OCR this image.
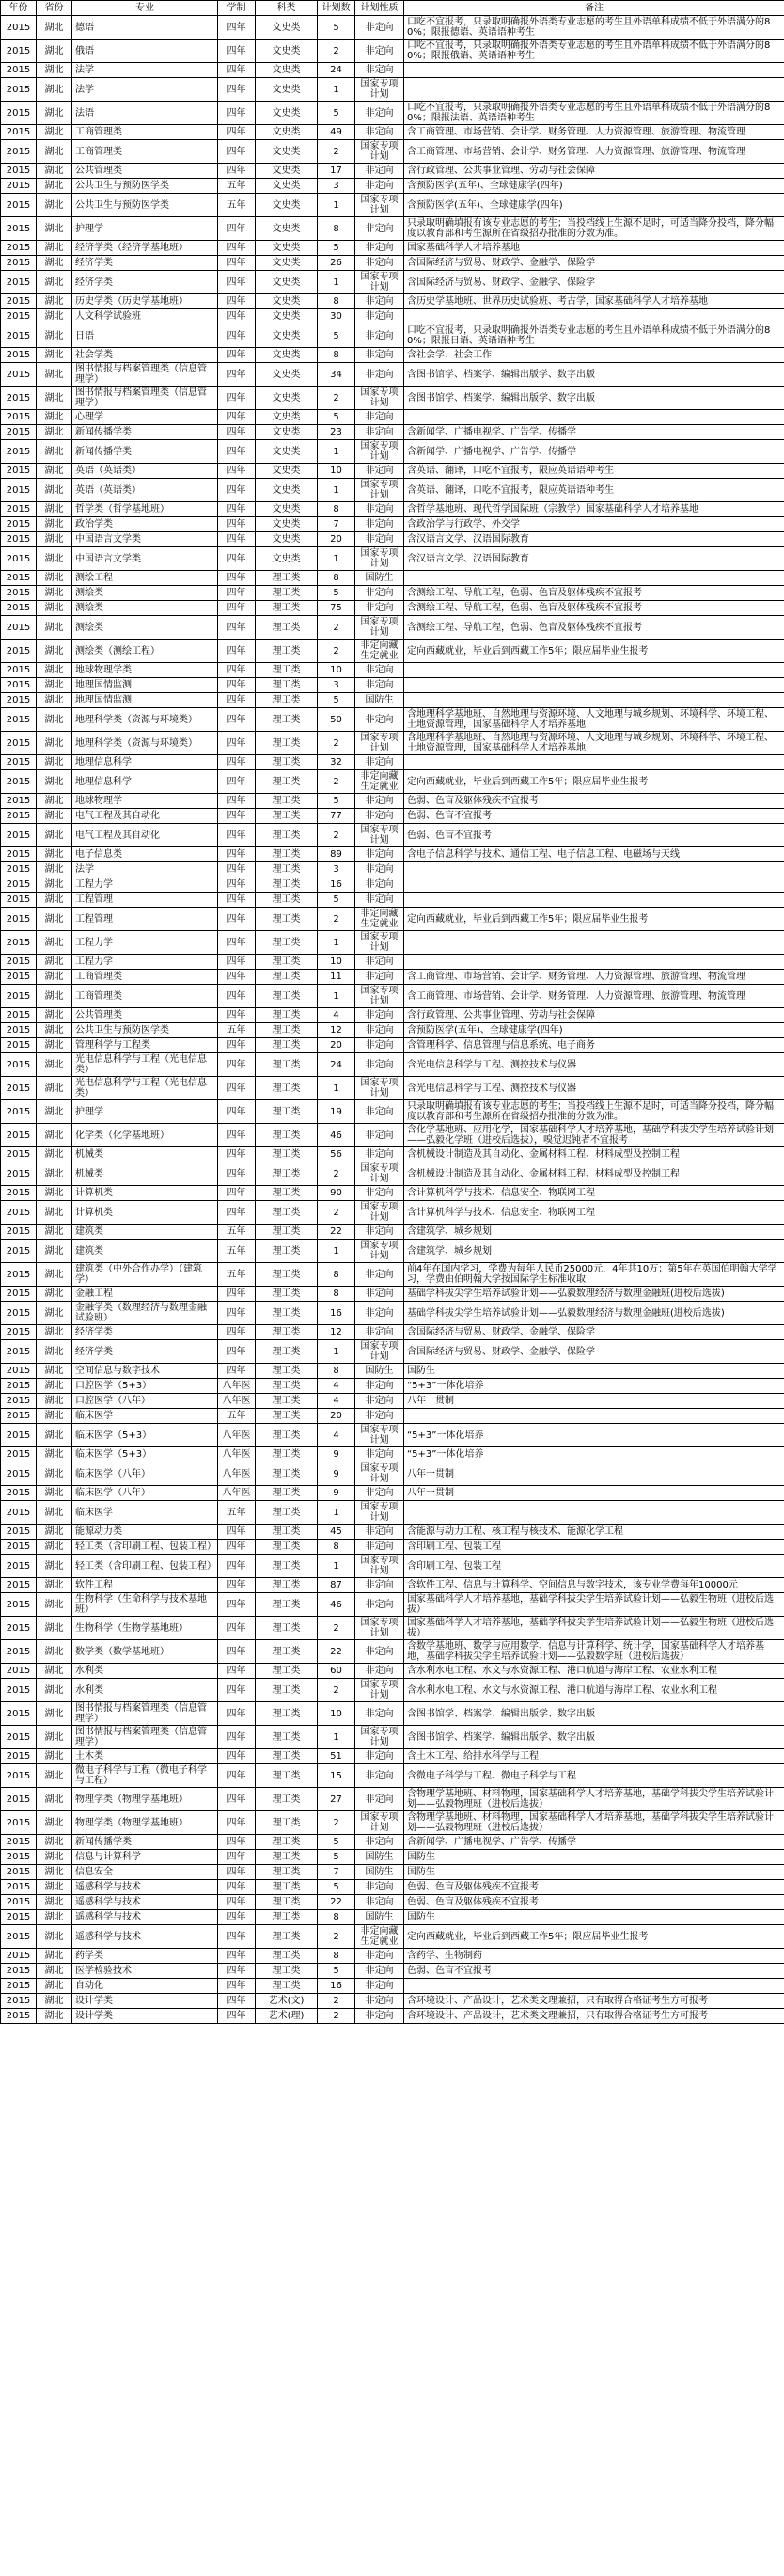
年份	省份	专业	学制	科类	计划数	计划性质	备注
2015	湖北	德语	四年	文史类	5	非定向	口吃不宜报考，只录取明确报外语类专业志愿的考生且外语单科成绩不低于外语满分的80%；限报德语、英语语种考生
2015	湖北	俄语	四年	文史类	2	非定向	口吃不宜报考，只录取明确报外语类专业志愿的考生且外语单科成绩不低于外语满分的80%；限报俄语、英语语种考生
2015	湖北	法学	四年	文史类	24	非定向	
2015	湖北	法学	四年	文史类	1	国家专项计划	
2015	湖北	法语	四年	文史类	5	非定向	口吃不宜报考，只录取明确报外语类专业志愿的考生且外语单科成绩不低于外语满分的80%；限报法语、英语语种考生
2015	湖北	工商管理类	四年	文史类	49	非定向	含工商管理、市场营销、会计学、财务管理、人力资源管理、旅游管理、物流管理
2015	湖北	工商管理类	四年	文史类	2	国家专项计划	含工商管理、市场营销、会计学、财务管理、人力资源管理、旅游管理、物流管理
2015	湖北	公共管理类	四年	文史类	17	非定向	含行政管理、公共事业管理、劳动与社会保障
2015	湖北	公共卫生与预防医学类	五年	文史类	3	非定向	含预防医学(五年)、全球健康学(四年)
2015	湖北	公共卫生与预防医学类	五年	文史类	1	国家专项计划	含预防医学(五年)、全球健康学(四年)
2015	湖北	护理学	四年	文史类	8	非定向	只录取明确填报有该专业志愿的考生；当投档线上生源不足时，可适当降分投档，降分幅度以教育部和考生源所在省级招办批准的分数为准。
2015	湖北	经济学类（经济学基地班）	四年	文史类	5	非定向	国家基础科学人才培养基地
2015	湖北	经济学类	四年	文史类	26	非定向	含国际经济与贸易、财政学、金融学、保险学
2015	湖北	经济学类	四年	文史类	1	国家专项计划	含国际经济与贸易、财政学、金融学、保险学
2015	湖北	历史学类（历史学基地班）	四年	文史类	8	非定向	含历史学基地班、世界历史试验班、考古学，国家基础科学人才培养基地
2015	湖北	人文科学试验班	四年	文史类	30	非定向	
2015	湖北	日语	四年	文史类	5	非定向	口吃不宜报考，只录取明确报外语类专业志愿的考生且外语单科成绩不低于外语满分的80%；限报日语、英语语种考生
2015	湖北	社会学类	四年	文史类	8	非定向	含社会学、社会工作
2015	湖北	图书情报与档案管理类（信息管理学）	四年	文史类	34	非定向	含图书馆学、档案学、编辑出版学、数字出版
2015	湖北	图书情报与档案管理类（信息管理学）	四年	文史类	2	国家专项计划	含图书馆学、档案学、编辑出版学、数字出版
2015	湖北	心理学	四年	文史类	5	非定向	
2015	湖北	新闻传播学类	四年	文史类	23	非定向	含新闻学、广播电视学、广告学、传播学
2015	湖北	新闻传播学类	四年	文史类	1	国家专项计划	含新闻学、广播电视学、广告学、传播学
2015	湖北	英语（英语类）	四年	文史类	10	非定向	含英语、翻译，口吃不宜报考，限应英语语种考生
2015	湖北	英语（英语类）	四年	文史类	1	国家专项计划	含英语、翻译，口吃不宜报考，限应英语语种考生
2015	湖北	哲学类（哲学基地班）	四年	文史类	8	非定向	含哲学基地班、现代哲学国际班（宗教学）国家基础科学人才培养基地
2015	湖北	政治学类	四年	文史类	7	非定向	含政治学与行政学、外交学
2015	湖北	中国语言文学类	四年	文史类	20	非定向	含汉语言文学、汉语国际教育
2015	湖北	中国语言文学类	四年	文史类	1	国家专项计划	含汉语言文学、汉语国际教育
2015	湖北	测绘工程	四年	理工类	8	国防生	
2015	湖北	测绘类	四年	理工类	5	非定向	含测绘工程、导航工程，色弱、色盲及躯体残疾不宜报考
2015	湖北	测绘类	四年	理工类	75	非定向	含测绘工程、导航工程，色弱、色盲及躯体残疾不宜报考
2015	湖北	测绘类	四年	理工类	2	国家专项计划	含测绘工程、导航工程，色弱、色盲及躯体残疾不宜报考
2015	湖北	测绘类（测绘工程）	四年	理工类	2	非定向藏生定就业	定向西藏就业，毕业后到西藏工作5年；限应届毕业生报考
2015	湖北	地球物理学类	四年	理工类	10	非定向	
2015	湖北	地理国情监测	四年	理工类	3	非定向	
2015	湖北	地理国情监测	四年	理工类	5	国防生	
2015	湖北	地理科学类（资源与环境类）	四年	理工类	50	非定向	含地理科学基地班、自然地理与资源环境、人文地理与城乡规划、环境科学、环境工程、土地资源管理，国家基础科学人才培养基地
2015	湖北	地理科学类（资源与环境类）	四年	理工类	2	国家专项计划	含地理科学基地班、自然地理与资源环境、人文地理与城乡规划、环境科学、环境工程、土地资源管理，国家基础科学人才培养基地
2015	湖北	地理信息科学	四年	理工类	32	非定向	
2015	湖北	地理信息科学	四年	理工类	2	非定向藏生定就业	定向西藏就业，毕业后到西藏工作5年；限应届毕业生报考
2015	湖北	地球物理学	四年	理工类	5	非定向	色弱、色盲及躯体残疾不宜报考
2015	湖北	电气工程及其自动化	四年	理工类	77	非定向	色弱、色盲不宜报考
2015	湖北	电气工程及其自动化	四年	理工类	2	国家专项计划	色弱、色盲不宜报考
2015	湖北	电子信息类	四年	理工类	89	非定向	含电子信息科学与技术、通信工程、电子信息工程、电磁场与天线
2015	湖北	法学	四年	理工类	3	非定向	
2015	湖北	工程力学	四年	理工类	16	非定向	
2015	湖北	工程管理	四年	理工类	5	非定向	
2015	湖北	工程管理	四年	理工类	2	非定向藏生定就业	定向西藏就业，毕业后到西藏工作5年；限应届毕业生报考
2015	湖北	工程力学	四年	理工类	1	国家专项计划	
2015	湖北	工程力学	四年	理工类	10	非定向	
2015	湖北	工商管理类	四年	理工类	11	非定向	含工商管理、市场营销、会计学、财务管理、人力资源管理、旅游管理、物流管理
2015	湖北	工商管理类	四年	理工类	1	国家专项计划	含工商管理、市场营销、会计学、财务管理、人力资源管理、旅游管理、物流管理
2015	湖北	公共管理类	四年	理工类	4	非定向	含行政管理、公共事业管理、劳动与社会保障
2015	湖北	公共卫生与预防医学类	五年	理工类	12	非定向	含预防医学(五年)、全球健康学(四年)
2015	湖北	管理科学与工程类	四年	理工类	20	非定向	含管理科学、信息管理与信息系统、电子商务
2015	湖北	光电信息科学与工程（光电信息类）	四年	理工类	24	非定向	含光电信息科学与工程、测控技术与仪器
2015	湖北	光电信息科学与工程（光电信息类）	四年	理工类	1	国家专项计划	含光电信息科学与工程、测控技术与仪器
2015	湖北	护理学	四年	理工类	19	非定向	只录取明确填报有该专业志愿的考生；当投档线上生源不足时，可适当降分投档，降分幅度以教育部和考生源所在省级招办批准的分数为准。
2015	湖北	化学类（化学基地班）	四年	理工类	46	非定向	含化学基地班、应用化学，国家基础科学人才培养基地，基础学科拔尖学生培养试验计划——弘毅化学班（进校后选拔），嗅觉迟钝者不宜报考
2015	湖北	机械类	四年	理工类	56	非定向	含机械设计制造及其自动化、金属材料工程、材料成型及控制工程
2015	湖北	机械类	四年	理工类	2	国家专项计划	含机械设计制造及其自动化、金属材料工程、材料成型及控制工程
2015	湖北	计算机类	四年	理工类	90	非定向	含计算机科学与技术、信息安全、物联网工程
2015	湖北	计算机类	四年	理工类	2	国家专项计划	含计算机科学与技术、信息安全、物联网工程
2015	湖北	建筑类	五年	理工类	22	非定向	含建筑学、城乡规划
2015	湖北	建筑类	五年	理工类	1	国家专项计划	含建筑学、城乡规划
2015	湖北	建筑类（中外合作办学）（建筑学）	五年	理工类	8	非定向	前4年在国内学习，学费为每年人民币25000元，4年共10万；第5年在英国伯明翰大学学习，学费由伯明翰大学按国际学生标准收取
2015	湖北	金融工程	四年	理工类	8	非定向	基础学科拔尖学生培养试验计划——弘毅数理经济与数理金融班(进校后选拔)
2015	湖北	金融学类（数理经济与数理金融试验班）	四年	理工类	16	非定向	基础学科拔尖学生培养试验计划——弘毅数理经济与数理金融班(进校后选拔)
2015	湖北	经济学类	四年	理工类	12	非定向	含国际经济与贸易、财政学、金融学、保险学
2015	湖北	经济学类	四年	理工类	1	国家专项计划	含国际经济与贸易、财政学、金融学、保险学
2015	湖北	空间信息与数字技术	四年	理工类	8	国防生	国防生
2015	湖北	口腔医学（5+3）	八年医	理工类	4	非定向	“5+3”一体化培养
2015	湖北	口腔医学（八年）	八年医	理工类	4	非定向	八年一贯制
2015	湖北	临床医学	五年	理工类	20	非定向	
2015	湖北	临床医学（5+3）	八年医	理工类	4	国家专项计划	“5+3”一体化培养
2015	湖北	临床医学（5+3）	八年医	理工类	9	非定向	“5+3”一体化培养
2015	湖北	临床医学（八年）	八年医	理工类	9	国家专项计划	八年一贯制
2015	湖北	临床医学（八年）	八年医	理工类	9	非定向	八年一贯制
2015	湖北	临床医学	五年	理工类	1	国家专项计划	
2015	湖北	能源动力类	四年	理工类	45	非定向	含能源与动力工程、核工程与核技术、能源化学工程
2015	湖北	轻工类（含印刷工程、包装工程）	四年	理工类	8	非定向	含印刷工程、包装工程
2015	湖北	轻工类（含印刷工程、包装工程）	四年	理工类	1	国家专项计划	含印刷工程、包装工程
2015	湖北	软件工程	四年	理工类	87	非定向	含软件工程、信息与计算科学、空间信息与数字技术，该专业学费每年10000元
2015	湖北	生物科学（生命科学与技术基地班）	四年	理工类	46	非定向	国家基础科学人才培养基地，基础学科拔尖学生培养试验计划——弘毅生物班（进校后选拔）
2015	湖北	生物科学（生物学基地班）	四年	理工类	2	国家专项计划	国家基础科学人才培养基地，基础学科拔尖学生培养试验计划——弘毅生物班（进校后选拔）
2015	湖北	数学类（数学基地班）	四年	理工类	22	非定向	含数学基地班、数学与应用数学、信息与计算科学、统计学，国家基础科学人才培养基地，基础学科拔尖学生培养试验计划——弘毅数学班（进校后选拔）
2015	湖北	水利类	四年	理工类	60	非定向	含水利水电工程、水文与水资源工程、港口航道与海岸工程、农业水利工程
2015	湖北	水利类	四年	理工类	2	国家专项计划	含水利水电工程、水文与水资源工程、港口航道与海岸工程、农业水利工程
2015	湖北	图书情报与档案管理类（信息管理学）	四年	理工类	10	非定向	含图书馆学、档案学、编辑出版学、数字出版
2015	湖北	图书情报与档案管理类（信息管理学）	四年	理工类	1	国家专项计划	含图书馆学、档案学、编辑出版学、数字出版
2015	湖北	土木类	四年	理工类	51	非定向	含土木工程、给排水科学与工程
2015	湖北	微电子科学与工程（微电子科学与工程）	四年	理工类	15	非定向	含微电子科学与工程、微电子科学与工程
2015	湖北	物理学类（物理学基地班）	四年	理工类	27	非定向	含物理学基地班、材料物理，国家基础科学人才培养基地，基础学科拔尖学生培养试验计划——弘毅物理班（进校后选拔）
2015	湖北	物理学类（物理学基地班）	四年	理工类	2	国家专项计划	含物理学基地班、材料物理，国家基础科学人才培养基地，基础学科拔尖学生培养试验计划——弘毅物理班（进校后选拔）
2015	湖北	新闻传播学类	四年	理工类	5	非定向	含新闻学、广播电视学、广告学、传播学
2015	湖北	信息与计算科学	四年	理工类	5	国防生	国防生
2015	湖北	信息安全	四年	理工类	7	国防生	国防生
2015	湖北	遥感科学与技术	四年	理工类	5	非定向	色弱、色盲及躯体残疾不宜报考
2015	湖北	遥感科学与技术	四年	理工类	22	非定向	色弱、色盲及躯体残疾不宜报考
2015	湖北	遥感科学与技术	四年	理工类	8	国防生	国防生
2015	湖北	遥感科学与技术	四年	理工类	2	非定向藏生定就业	定向西藏就业，毕业后到西藏工作5年；限应届毕业生报考
2015	湖北	药学类	四年	理工类	8	非定向	含药学、生物制药
2015	湖北	医学检验技术	四年	理工类	5	非定向	色弱、色盲不宜报考
2015	湖北	自动化	四年	理工类	16	非定向	
2015	湖北	设计学类	四年	艺术(文)	2	非定向	含环境设计、产品设计，艺术类文理兼招，只有取得合格证考生方可报考
2015	湖北	设计学类	四年	艺术(理)	2	非定向	含环境设计、产品设计，艺术类文理兼招，只有取得合格证考生方可报考
